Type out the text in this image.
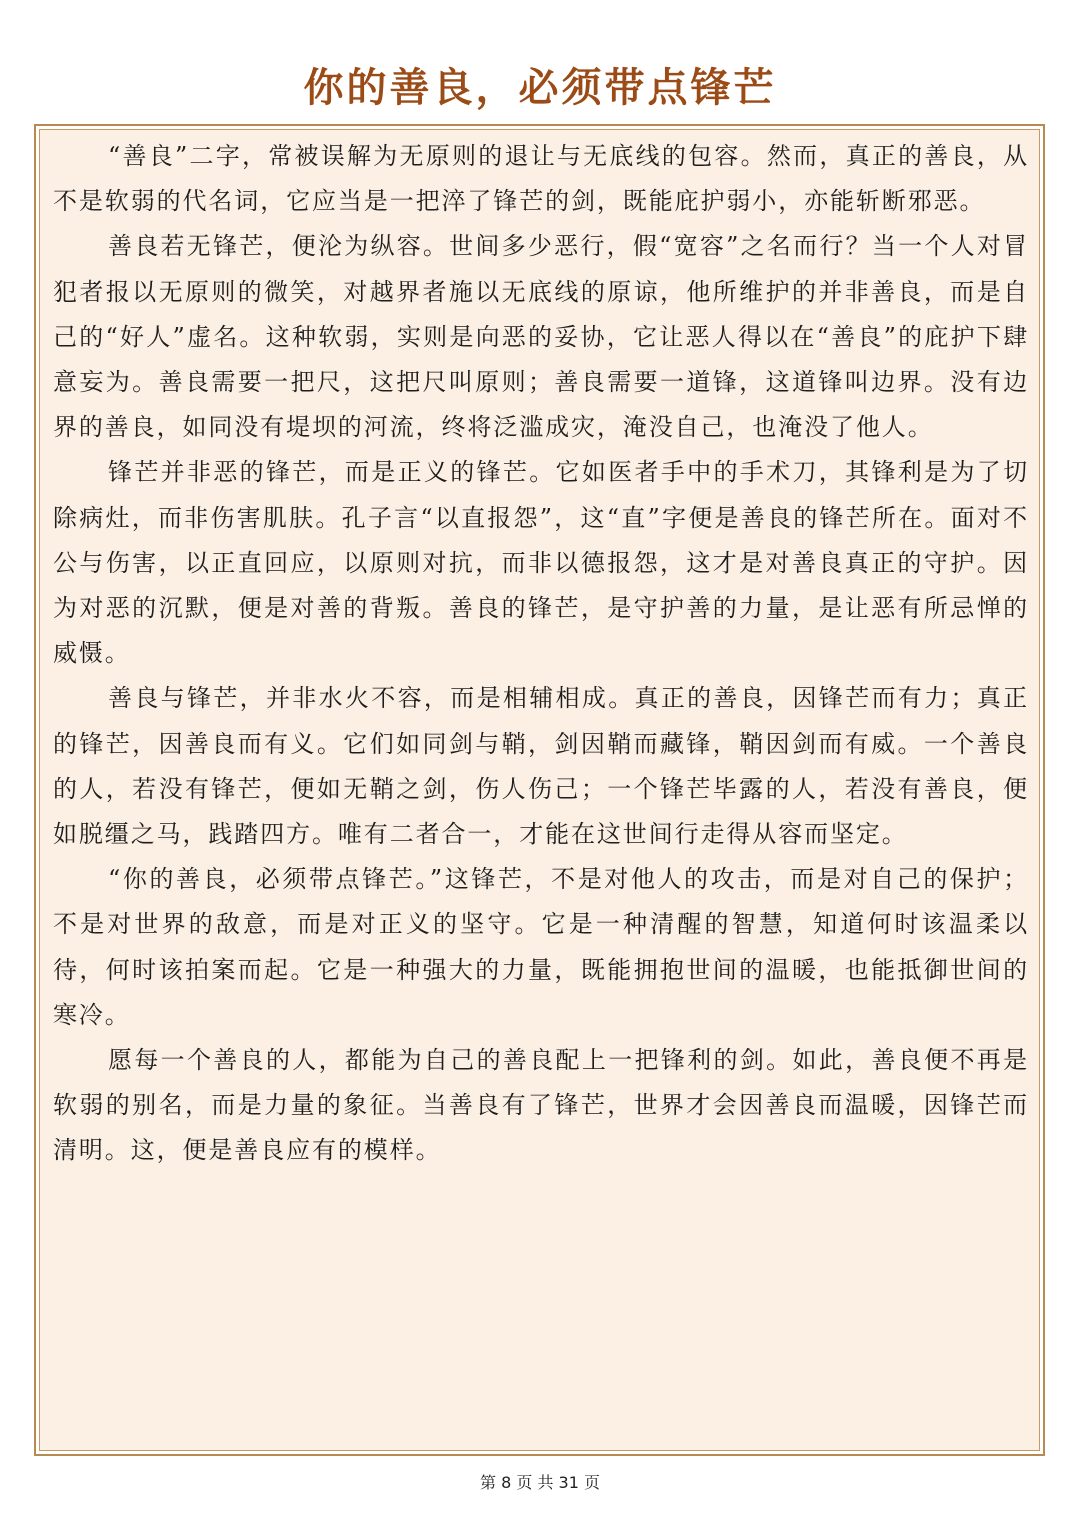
你的善良，必须带点锋芒

“善良”二字，常被误解为无原则的退让与无底线的包容。然而，真正的善良，从不是软弱的代名词，它应当是一把淬了锋芒的剑，既能庇护弱小，亦能斩断邪恶。

善良若无锋芒，便沦为纵容。世间多少恶行，假“宽容”之名而行？当一个人对冒犯者报以无原则的微笑，对越界者施以无底线的原谅，他所维护的并非善良，而是自己的“好人”虚名。这种软弱，实则是向恶的妥协，它让恶人得以在“善良”的庇护下肆意妄为。善良需要一把尺，这把尺叫原则；善良需要一道锋，这道锋叫边界。没有边界的善良，如同没有堤坝的河流，终将泛滥成灾，淹没自己，也淹没了他人。

锋芒并非恶的锋芒，而是正义的锋芒。它如医者手中的手术刀，其锋利是为了切除病灶，而非伤害肌肤。孔子言“以直报怨”，这“直”字便是善良的锋芒所在。面对不公与伤害，以正直回应，以原则对抗，而非以德报怨，这才是对善良真正的守护。因为对恶的沉默，便是对善的背叛。善良的锋芒，是守护善的力量，是让恶有所忌惮的威慑。

善良与锋芒，并非水火不容，而是相辅相成。真正的善良，因锋芒而有力；真正的锋芒，因善良而有义。它们如同剑与鞘，剑因鞘而藏锋，鞘因剑而有威。一个善良的人，若没有锋芒，便如无鞘之剑，伤人伤己；一个锋芒毕露的人，若没有善良，便如脱缰之马，践踏四方。唯有二者合一，才能在这世间行走得从容而坚定。

“你的善良，必须带点锋芒。”这锋芒，不是对他人的攻击，而是对自己的保护；不是对世界的敌意，而是对正义的坚守。它是一种清醒的智慧，知道何时该温柔以待，何时该拍案而起。它是一种强大的力量，既能拥抱世间的温暖，也能抵御世间的寒冷。

愿每一个善良的人，都能为自己的善良配上一把锋利的剑。如此，善良便不再是软弱的别名，而是力量的象征。当善良有了锋芒，世界才会因善良而温暖，因锋芒而清明。这，便是善良应有的模样。

第 8 页 共 31 页
